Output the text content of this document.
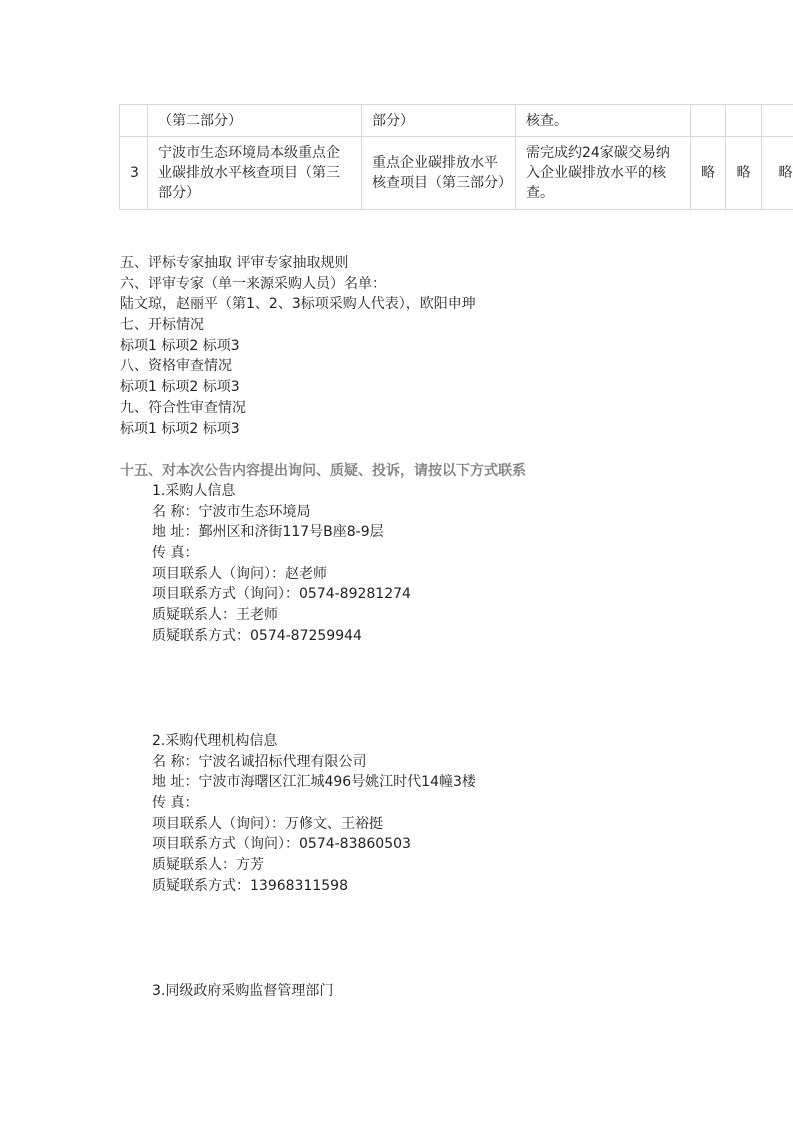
	（第二部分）	部分）	核查。			
3	宁波市生态环境局本级重点企业碳排放水平核查项目（第三部分）	重点企业碳排放水平核查项目（第三部分）	需完成约24家碳交易纳入企业碳排放水平的核查。	略	略	略
五、评标专家抽取 评审专家抽取规则
六、评审专家（单一来源采购人员）名单：
陆文琼，赵丽平（第1、2、3标项采购人代表），欧阳申珅
七、开标情况
标项1 标项2 标项3
八、资格审查情况
标项1 标项2 标项3
九、符合性审查情况
标项1 标项2 标项3
十五、对本次公告内容提出询问、质疑、投诉，请按以下方式联系
1.采购人信息
名 称：宁波市生态环境局
地 址：鄞州区和济街117号B座8-9层
传 真：
项目联系人（询问）：赵老师
项目联系方式（询问）：0574-89281274
质疑联系人：王老师
质疑联系方式：0574-87259944
2.采购代理机构信息
名 称：宁波名诚招标代理有限公司
地 址：宁波市海曙区江汇城496号姚江时代14幢3楼
传 真：
项目联系人（询问）：万修文、王裕挺
项目联系方式（询问）：0574-83860503
质疑联系人：方芳
质疑联系方式：13968311598
3.同级政府采购监督管理部门
